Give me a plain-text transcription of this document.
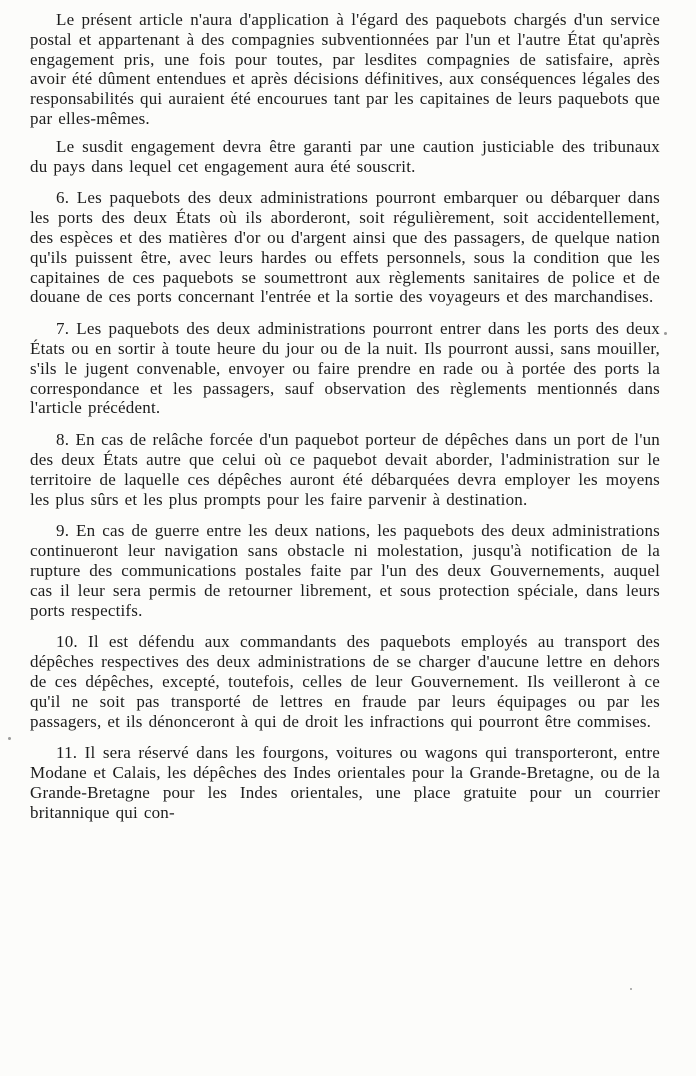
Le présent article n'aura d'application à l'égard des paquebots chargés d'un service postal et appartenant à des compagnies subventionnées par l'un et l'autre État qu'après engagement pris, une fois pour toutes, par lesdites compagnies de satisfaire, après avoir été dûment entendues et après décisions définitives, aux conséquences légales des responsabilités qui auraient été encourues tant par les capitaines de leurs paquebots que par elles-mêmes.

Le susdit engagement devra être garanti par une caution justiciable des tribunaux du pays dans lequel cet engagement aura été souscrit.

6. Les paquebots des deux administrations pourront embarquer ou débarquer dans les ports des deux États où ils aborderont, soit régulièrement, soit accidentellement, des espèces et des matières d'or ou d'argent ainsi que des passagers, de quelque nation qu'ils puissent être, avec leurs hardes ou effets personnels, sous la condition que les capitaines de ces paquebots se soumettront aux règlements sanitaires de police et de douane de ces ports concernant l'entrée et la sortie des voyageurs et des marchandises.

7. Les paquebots des deux administrations pourront entrer dans les ports des deux États ou en sortir à toute heure du jour ou de la nuit. Ils pourront aussi, sans mouiller, s'ils le jugent convenable, envoyer ou faire prendre en rade ou à portée des ports la correspondance et les passagers, sauf observation des règlements mentionnés dans l'article précédent.

8. En cas de relâche forcée d'un paquebot porteur de dépêches dans un port de l'un des deux États autre que celui où ce paquebot devait aborder, l'administration sur le territoire de laquelle ces dépêches auront été débarquées devra employer les moyens les plus sûrs et les plus prompts pour les faire parvenir à destination.

9. En cas de guerre entre les deux nations, les paquebots des deux administrations continueront leur navigation sans obstacle ni molestation, jusqu'à notification de la rupture des communications postales faite par l'un des deux Gouvernements, auquel cas il leur sera permis de retourner librement, et sous protection spéciale, dans leurs ports respectifs.

10. Il est défendu aux commandants des paquebots employés au transport des dépêches respectives des deux administrations de se charger d'aucune lettre en dehors de ces dépêches, excepté, toutefois, celles de leur Gouvernement. Ils veilleront à ce qu'il ne soit pas transporté de lettres en fraude par leurs équipages ou par les passagers, et ils dénonceront à qui de droit les infractions qui pourront être commises.

11. Il sera réservé dans les fourgons, voitures ou wagons qui transporteront, entre Modane et Calais, les dépêches des Indes orientales pour la Grande-Bretagne, ou de la Grande-Bretagne pour les Indes orientales, une place gratuite pour un courrier britannique qui con-
